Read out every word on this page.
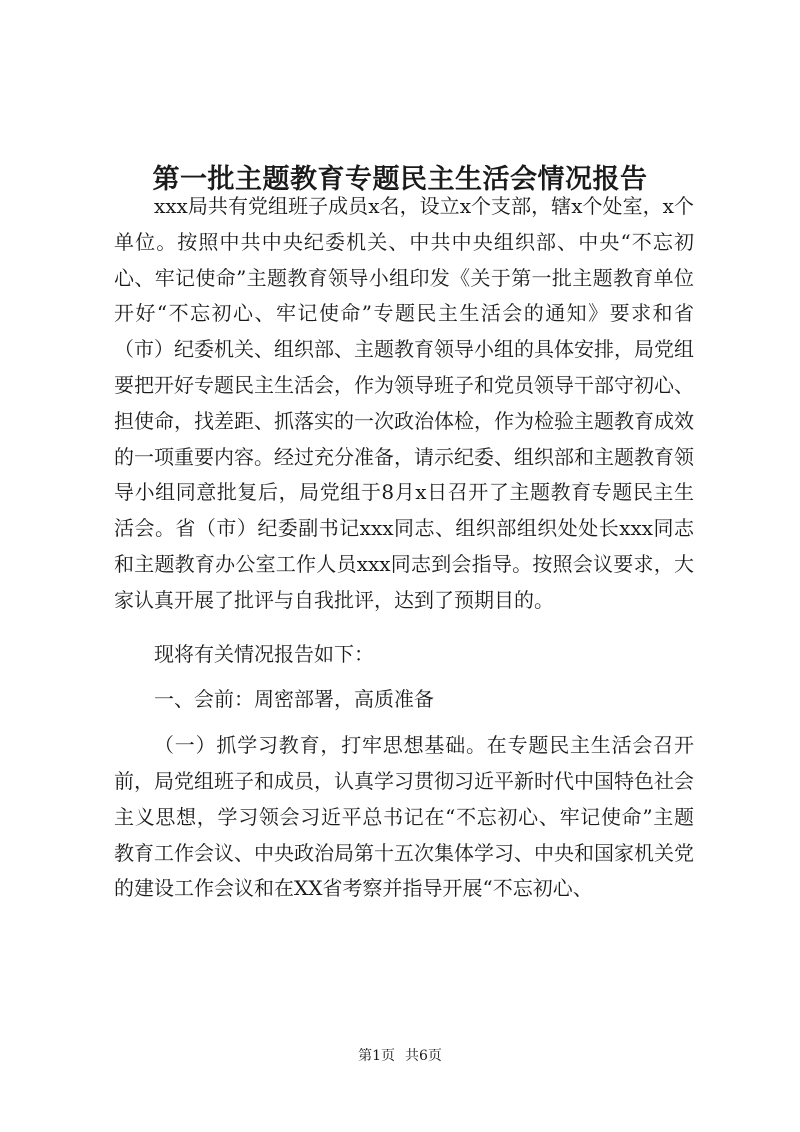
第一批主题教育专题民主生活会情况报告

xxx局共有党组班子成员x名，设立x个支部，辖x个处室，x个单位。按照中共中央纪委机关、中共中央组织部、中央“不忘初心、牢记使命”主题教育领导小组印发《关于第一批主题教育单位开好“不忘初心、牢记使命”专题民主生活会的通知》要求和省（市）纪委机关、组织部、主题教育领导小组的具体安排，局党组要把开好专题民主生活会，作为领导班子和党员领导干部守初心、担使命，找差距、抓落实的一次政治体检，作为检验主题教育成效的一项重要内容。经过充分准备，请示纪委、组织部和主题教育领导小组同意批复后，局党组于8月x日召开了主题教育专题民主生活会。省（市）纪委副书记xxx同志、组织部组织处处长xxx同志和主题教育办公室工作人员xxx同志到会指导。按照会议要求，大家认真开展了批评与自我批评，达到了预期目的。

现将有关情况报告如下：

一、会前：周密部署，高质准备

（一）抓学习教育，打牢思想基础。在专题民主生活会召开前，局党组班子和成员，认真学习贯彻习近平新时代中国特色社会主义思想，学习领会习近平总书记在“不忘初心、牢记使命”主题教育工作会议、中央政治局第十五次集体学习、中央和国家机关党的建设工作会议和在XX省考察并指导开展“不忘初心、

第1页 共6页
